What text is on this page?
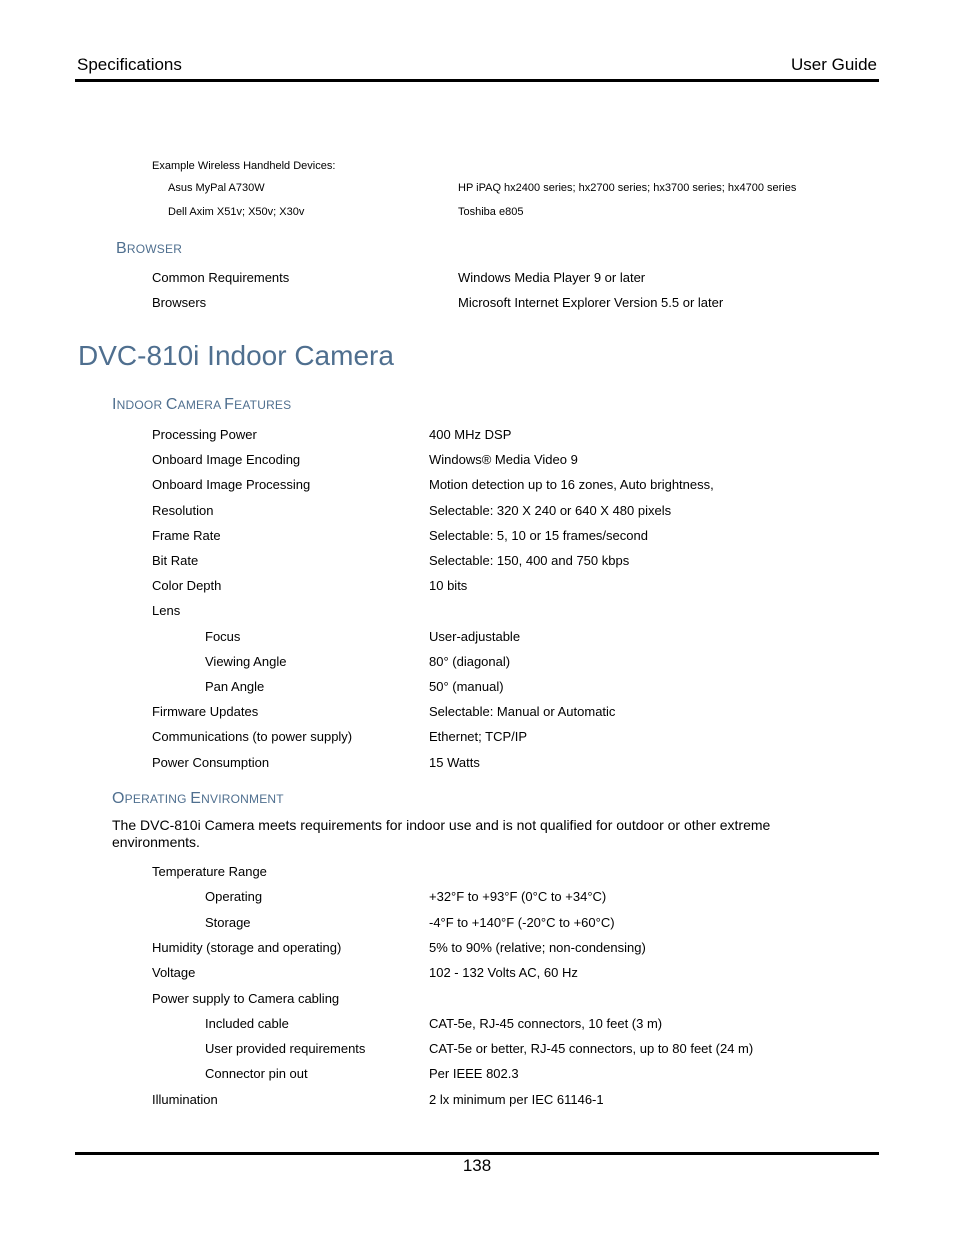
Specifications	User Guide
Example Wireless Handheld Devices:
Asus MyPal A730W	HP iPAQ hx2400 series; hx2700 series; hx3700 series; hx4700 series
Dell Axim X51v; X50v; X30v	Toshiba e805
BROWSER
Common Requirements	Windows Media Player 9 or later
Browsers	Microsoft Internet Explorer Version 5.5 or later
DVC-810i Indoor Camera
INDOOR CAMERA FEATURES
Processing Power	400 MHz DSP
Onboard Image Encoding	Windows® Media Video 9
Onboard Image Processing	Motion detection up to 16 zones, Auto brightness,
Resolution	Selectable: 320 X 240 or 640 X 480 pixels
Frame Rate	Selectable: 5, 10 or 15 frames/second
Bit Rate	Selectable: 150, 400 and 750 kbps
Color Depth	10 bits
Lens
Focus	User-adjustable
Viewing Angle	80° (diagonal)
Pan Angle	50° (manual)
Firmware Updates	Selectable: Manual or Automatic
Communications (to power supply)	Ethernet; TCP/IP
Power Consumption	15 Watts
OPERATING ENVIRONMENT
The DVC-810i Camera meets requirements for indoor use and is not qualified for outdoor or other extreme environments.
Temperature Range
Operating	+32°F to +93°F (0°C to +34°C)
Storage	-4°F to +140°F (-20°C to +60°C)
Humidity (storage and operating)	5% to 90% (relative; non-condensing)
Voltage	102 - 132 Volts AC, 60 Hz
Power supply to Camera cabling
Included cable	CAT-5e, RJ-45 connectors, 10 feet (3 m)
User provided requirements	CAT-5e or better, RJ-45 connectors, up to 80 feet (24 m)
Connector pin out	Per IEEE 802.3
Illumination	2 lx minimum per IEC 61146-1
138
